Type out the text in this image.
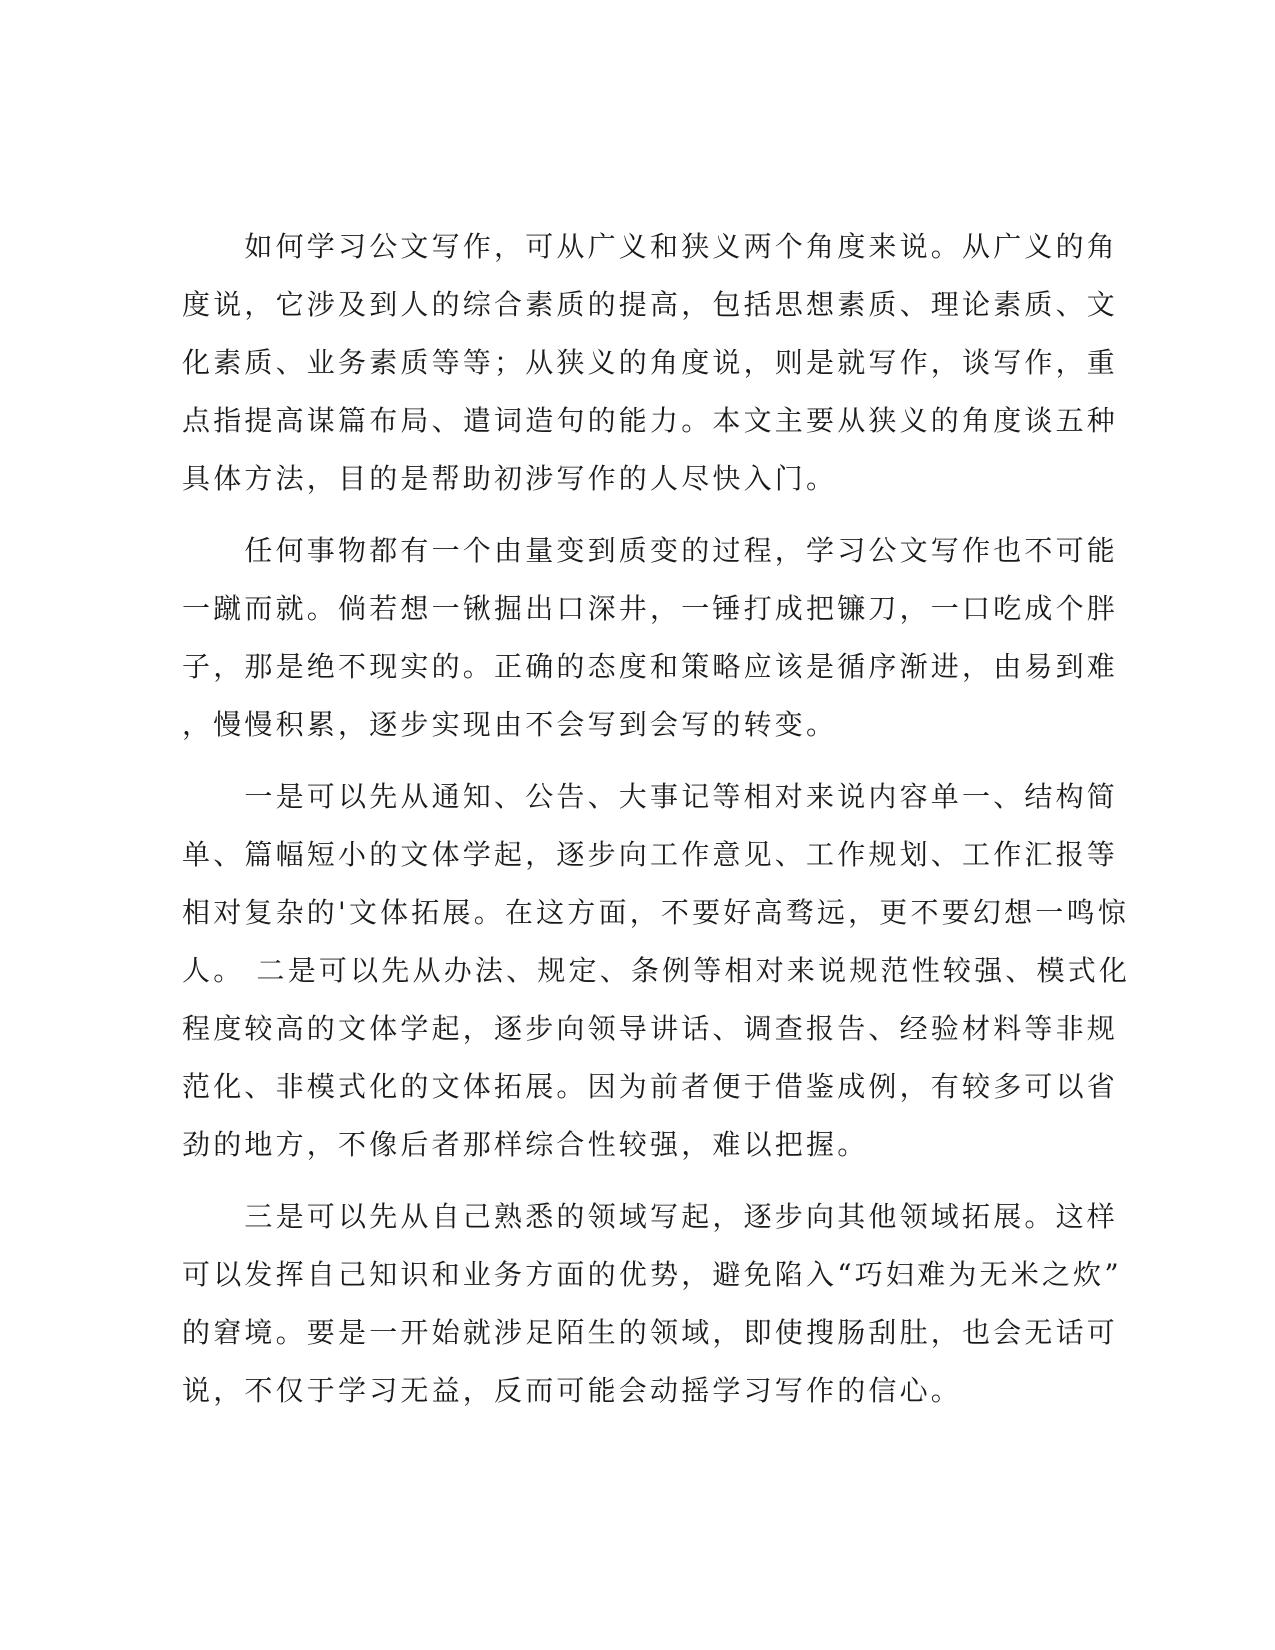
　　如何学习公文写作，可从广义和狭义两个角度来说。从广义的角
度说，它涉及到人的综合素质的提高，包括思想素质、理论素质、文
化素质、业务素质等等；从狭义的角度说，则是就写作，谈写作，重
点指提高谋篇布局、遣词造句的能力。本文主要从狭义的角度谈五种
具体方法，目的是帮助初涉写作的人尽快入门。
　　任何事物都有一个由量变到质变的过程，学习公文写作也不可能
一蹴而就。倘若想一锹掘出口深井，一锤打成把镰刀，一口吃成个胖
子，那是绝不现实的。正确的态度和策略应该是循序渐进，由易到难
，慢慢积累，逐步实现由不会写到会写的转变。
　　一是可以先从通知、公告、大事记等相对来说内容单一、结构简
单、篇幅短小的文体学起，逐步向工作意见、工作规划、工作汇报等
相对复杂的'文体拓展。在这方面，不要好高骛远，更不要幻想一鸣惊
人。 二是可以先从办法、规定、条例等相对来说规范性较强、模式化
程度较高的文体学起，逐步向领导讲话、调查报告、经验材料等非规
范化、非模式化的文体拓展。因为前者便于借鉴成例，有较多可以省
劲的地方，不像后者那样综合性较强，难以把握。
　　三是可以先从自己熟悉的领域写起，逐步向其他领域拓展。这样
可以发挥自己知识和业务方面的优势，避免陷入“巧妇难为无米之炊”
的窘境。要是一开始就涉足陌生的领域，即使搜肠刮肚，也会无话可
说，不仅于学习无益，反而可能会动摇学习写作的信心。
